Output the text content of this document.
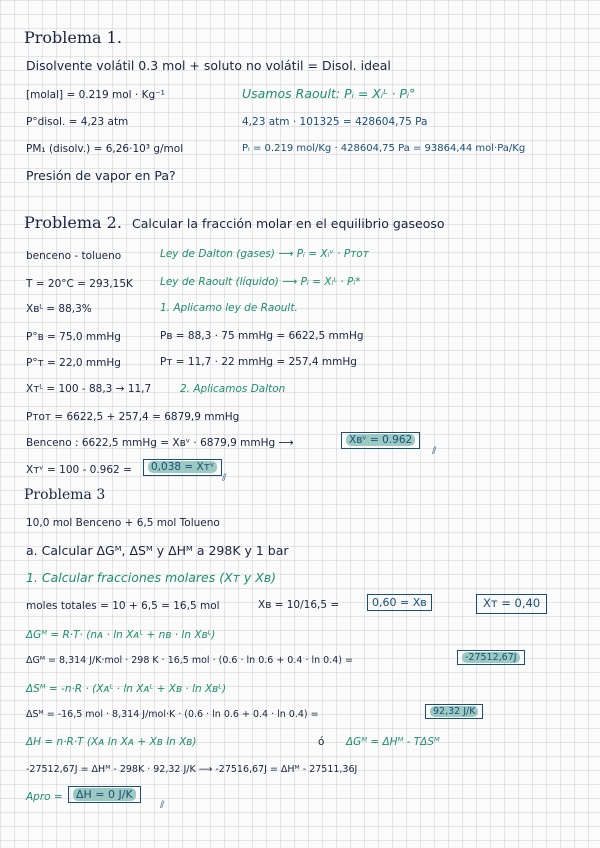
Problema 1.
Disolvente volátil 0.3 mol + soluto no volátil = Disol. ideal
[molal] = 0.219 mol · Kg⁻¹	Usamos Raoult: Pᵢ = Xᵢᴸ · Pᵢ°
P°disol. = 4,23 atm	4,23 atm · 101325 = 428604,75 Pa
PM₁ (disolv.) = 6,26·10³ g/mol	Pᵢ = 0.219 mol/Kg · 428604,75 Pa = 93864,44 mol·Pa/Kg
Presión de vapor en Pa?
Problema 2. Calcular la fracción molar en el equilibrio gaseoso
benceno - tolueno	Ley de Dalton (gases) ⟶ Pᵢ = Xᵢᵛ · Pтот
T = 20°C = 293,15K	Ley de Raoult (líquido) ⟶ Pᵢ = Xᵢᴸ · Pᵢ*
Xʙᴸ = 88,3%	1. Aplicamo ley de Raoult.
P°ʙ = 75,0 mmHg	Pʙ = 88,3 · 75 mmHg = 6622,5 mmHg
P°т = 22,0 mmHg	Pт = 11,7 · 22 mmHg = 257,4 mmHg
Xтᴸ = 100 - 88,3 → 11,7	2. Aplicamos Dalton
Pтот = 6622,5 + 257,4 = 6879,9 mmHg
Benceno : 6622,5 mmHg = Xʙᵛ · 6879,9 mmHg ⟶	Xʙᵛ = 0.962
⫽
Xтᵛ = 100 - 0.962 =	0,038 = Xтᵛ
⫽
Problema 3
10,0 mol Benceno + 6,5 mol Tolueno
a. Calcular ΔGᴹ, ΔSᴹ y ΔHᴹ a 298K y 1 bar
1. Calcular fracciones molares (Xт y Xʙ)
moles totales = 10 + 6,5 = 16,5 mol	Xʙ = 10/16,5 =	0,60 = Xʙ	Xт = 0,40
ΔGᴹ = R·T· (nᴀ · ln Xᴀᴸ + nʙ · ln Xʙᴸ)
ΔGᴹ = 8,314 J/K·mol · 298 K · 16,5 mol · (0.6 · ln 0.6 + 0.4 · ln 0.4) =	-27512,67J
ΔSᴹ = -n·R · (Xᴀᴸ · ln Xᴀᴸ + Xʙ · ln Xʙᴸ)
ΔSᴹ = -16,5 mol · 8,314 J/mol·K · (0.6 · ln 0.6 + 0.4 · ln 0.4) =	92,32 J/K
ΔH = n·R·T (Xᴀ ln Xᴀ + Xʙ ln Xʙ)	ó ΔGᴹ = ΔHᴹ - TΔSᴹ
-27512,67J = ΔHᴹ - 298K · 92,32 J/K ⟶ -27516,67J = ΔHᴹ - 27511,36J
Apro =	ΔH = 0 J/K
⫽
